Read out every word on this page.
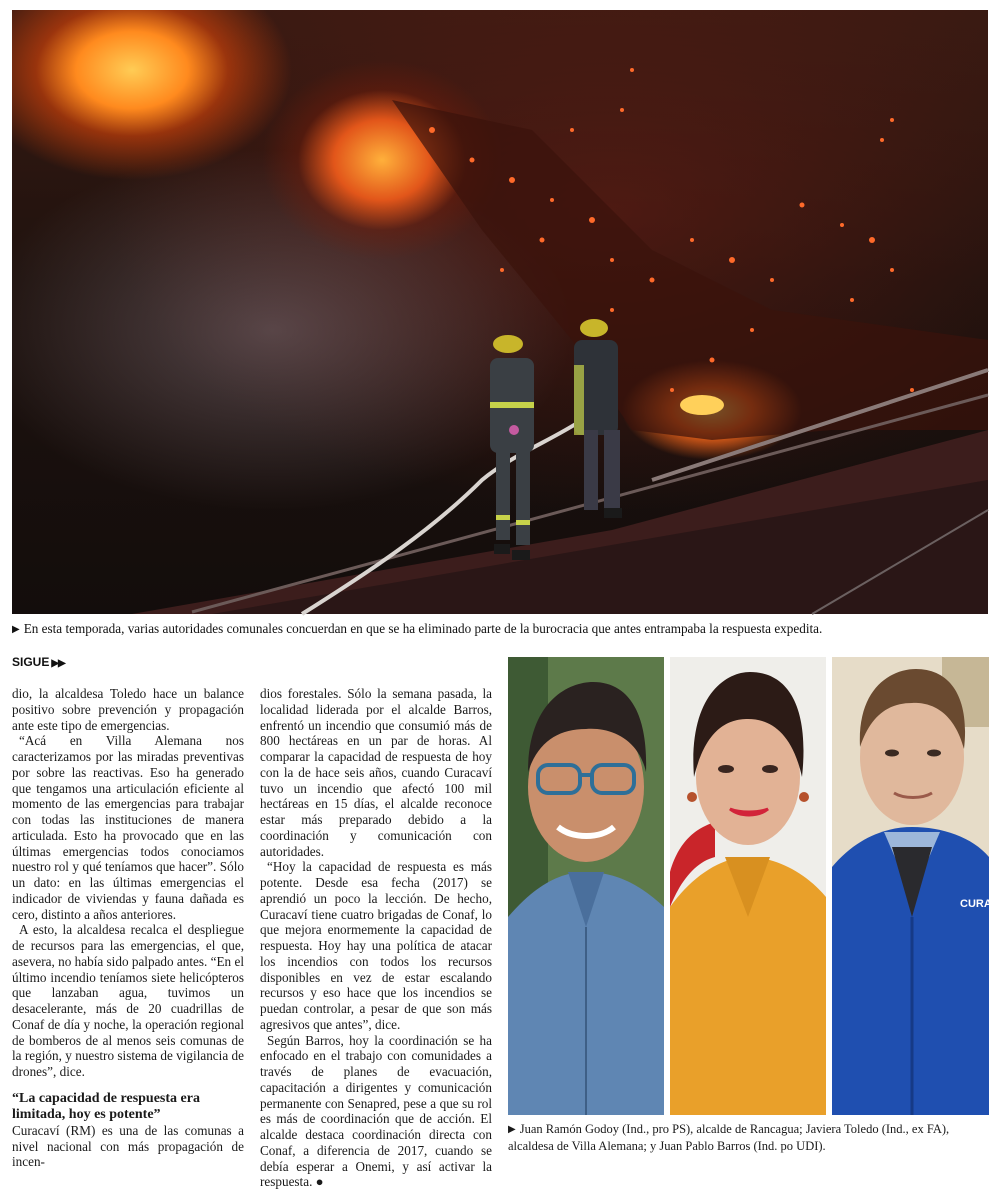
▶ En esta temporada, varias autoridades comunales concuerdan en que se ha eliminado parte de la burocracia que antes entrampaba la respuesta expedita.
SIGUE ▶▶

dio, la alcaldesa Toledo hace un balance positivo sobre prevención y propagación ante este tipo de emergencias.

“Acá en Villa Alemana nos caracterizamos por las miradas preventivas por sobre las reactivas. Eso ha generado que tengamos una articulación eficiente al momento de las emergencias para trabajar con todas las instituciones de manera articulada. Esto ha provocado que en las últimas emergencias todos conociamos nuestro rol y qué teníamos que hacer”. Sólo un dato: en las últimas emergencias el indicador de viviendas y fauna dañada es cero, distinto a años anteriores.

A esto, la alcaldesa recalca el despliegue de recursos para las emergencias, el que, asevera, no había sido palpado antes. “En el último incendio teníamos siete helicópteros que lanzaban agua, tuvimos un desacelerante, más de 20 cuadrillas de Conaf de día y noche, la operación regional de bomberos de al menos seis comunas de la región, y nuestro sistema de vigilancia de drones”, dice.

“La capacidad de respuesta era limitada, hoy es potente”

Curacaví (RM) es una de las comunas a nivel nacional con más propagación de incen-

dios forestales. Sólo la semana pasada, la localidad liderada por el alcalde Barros, enfrentó un incendio que consumió más de 800 hectáreas en un par de horas. Al comparar la capacidad de respuesta de hoy con la de hace seis años, cuando Curacaví tuvo un incendio que afectó 100 mil hectáreas en 15 días, el alcalde reconoce estar más preparado debido a la coordinación y comunicación con autoridades.

“Hoy la capacidad de respuesta es más potente. Desde esa fecha (2017) se aprendió un poco la lección. De hecho, Curacaví tiene cuatro brigadas de Conaf, lo que mejora enormemente la capacidad de respuesta. Hoy hay una política de atacar los incendios con todos los recursos disponibles en vez de estar escalando recursos y eso hace que los incendios se puedan controlar, a pesar de que son más agresivos que antes”, dice.

Según Barros, hoy la coordinación se ha enfocado en el trabajo con comunidades a través de planes de evacuación, capacitación a dirigentes y comunicación permanente con Senapred, pese a que su rol es más de coordinación que de acción. El alcalde destaca coordinación directa con Conaf, a diferencia de 2017, cuando se debía esperar a Onemi, y así activar la respuesta. ●

CURAC
▶ Juan Ramón Godoy (Ind., pro PS), alcalde de Rancagua; Javiera Toledo (Ind., ex FA), alcaldesa de Villa Alemana; y Juan Pablo Barros (Ind. po UDI).
